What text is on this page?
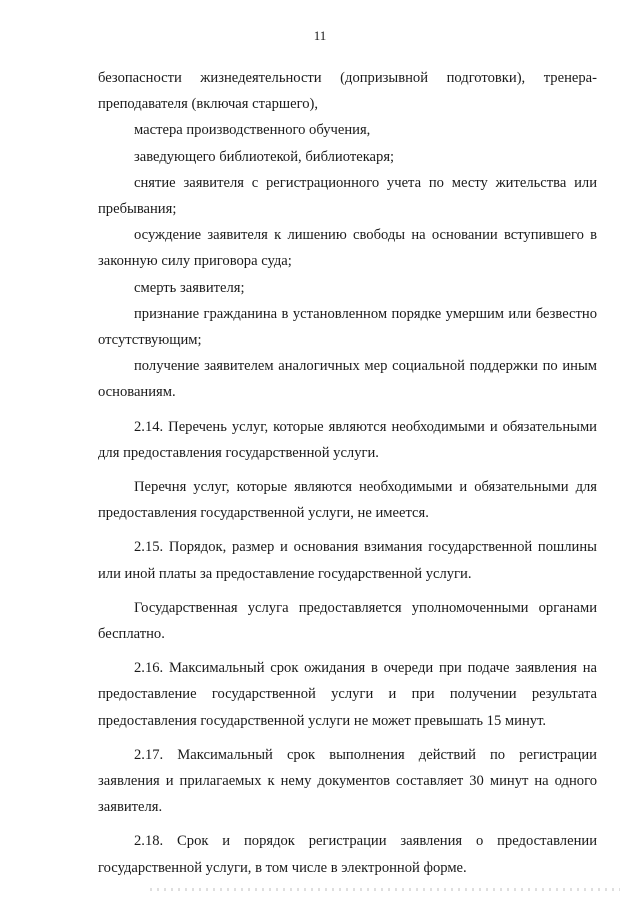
11

безопасности жизнедеятельности (допризывной подготовки), тренера-преподавателя (включая старшего),

мастера производственного обучения,

заведующего библиотекой, библиотекаря;

снятие заявителя с регистрационного учета по месту жительства или пребывания;

осуждение заявителя к лишению свободы на основании вступившего в законную силу приговора суда;

смерть заявителя;

признание гражданина в установленном порядке умершим или безвестно отсутствующим;

получение заявителем аналогичных мер социальной поддержки по иным основаниям.

2.14. Перечень услуг, которые являются необходимыми и обязательными для предоставления государственной услуги.

Перечня услуг, которые являются необходимыми и обязательными для предоставления государственной услуги, не имеется.

2.15. Порядок, размер и основания взимания государственной пошлины или иной платы за предоставление государственной услуги.

Государственная услуга предоставляется уполномоченными органами бесплатно.

2.16. Максимальный срок ожидания в очереди при подаче заявления на предоставление государственной услуги и при получении результата предоставления государственной услуги не может превышать 15 минут.

2.17. Максимальный срок выполнения действий по регистрации заявления и прилагаемых к нему документов составляет 30 минут на одного заявителя.

2.18. Срок и порядок регистрации заявления о предоставлении государственной услуги, в том числе в электронной форме.
